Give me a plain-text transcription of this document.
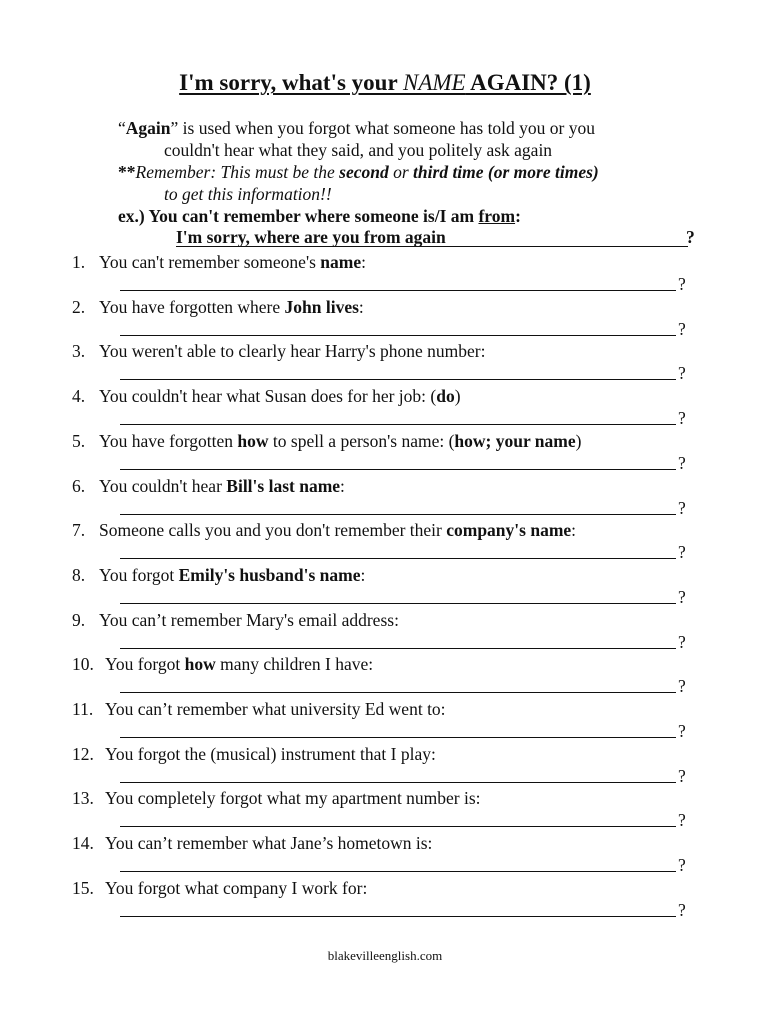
I'm sorry, what's your NAME AGAIN? (1)
“Again” is used when you forgot what someone has told you or you
couldn't hear what they said, and you politely ask again
**Remember: This must be the second or third time (or more times)
to get this information!!
ex.) You can't remember where someone is/I am from:
I'm sorry, where are you from again	?
1. You can't remember someone's name:
?
2. You have forgotten where John lives:
?
3. You weren't able to clearly hear Harry's phone number:
?
4. You couldn't hear what Susan does for her job: (do)
?
5. You have forgotten how to spell a person's name: (how; your name)
?
6. You couldn't hear Bill's last name:
?
7. Someone calls you and you don't remember their company's name:
?
8. You forgot Emily's husband's name:
?
9. You can’t remember Mary's email address:
?
10. You forgot how many children I have:
?
11. You can’t remember what university Ed went to:
?
12. You forgot the (musical) instrument that I play:
?
13. You completely forgot what my apartment number is:
?
14. You can’t remember what Jane’s hometown is:
?
15. You forgot what company I work for:
?
blakevilleenglish.com
